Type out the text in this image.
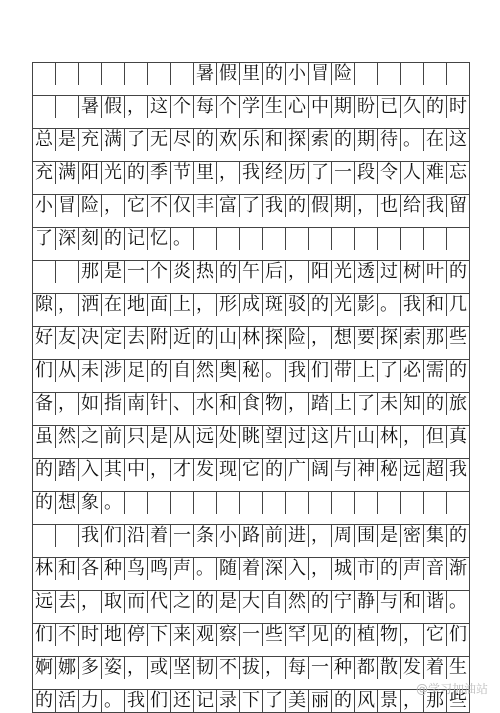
暑 假 里 的 小 冒 险
暑 假 ， 这 个 每 个 学 生 心 中 期 盼 已 久 的 时
总 是 充 满 了 无 尽 的 欢 乐 和 探 索 的 期 待 。 在 这
充 满 阳 光 的 季 节 里 ， 我 经 历 了 一 段 令 人 难 忘
小 冒 险 ， 它 不 仅 丰 富 了 我 的 假 期 ， 也 给 我 留
了 深 刻 的 记 忆 。
那 是 一 个 炎 热 的 午 后 ， 阳 光 透 过 树 叶 的
隙 ， 洒 在 地 面 上 ， 形 成 斑 驳 的 光 影 。 我 和 几
好 友 决 定 去 附 近 的 山 林 探 险 ， 想 要 探 索 那 些
们 从 未 涉 足 的 自 然 奥 秘 。 我 们 带 上 了 必 需 的
备 ， 如 指 南 针 、 水 和 食 物 ， 踏 上 了 未 知 的 旅
虽 然 之 前 只 是 从 远 处 眺 望 过 这 片 山 林 ， 但 真
的 踏 入 其 中 ， 才 发 现 它 的 广 阔 与 神 秘 远 超 我
的 想 象 。
我 们 沿 着 一 条 小 路 前 进 ， 周 围 是 密 集 的
林 和 各 种 鸟 鸣 声 。 随 着 深 入 ， 城 市 的 声 音 渐
远 去 ， 取 而 代 之 的 是 大 自 然 的 宁 静 与 和 谐 。
们 不 时 地 停 下 来 观 察 一 些 罕 见 的 植 物 ， 它 们
婀 娜 多 姿 ， 或 坚 韧 不 拔 ， 每 一 种 都 散 发 着 生
的 活 力 。 我 们 还 记 录 下 了 美 丽 的 风 景 ， 那 些
@学习加油站
